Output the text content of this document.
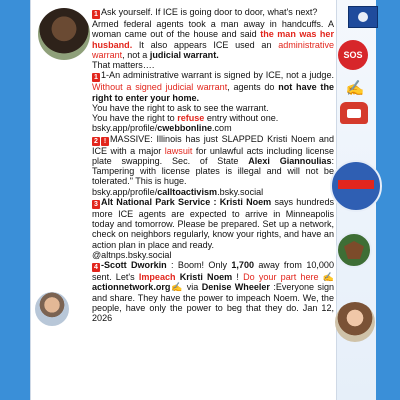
SOS
✍

1 Ask yourself. If ICE is going door to door, what's next?

Armed federal agents took a man away in handcuffs. A woman came out of the house and said the man was her husband. It also appears ICE used an administrative warrant, not a judicial warrant.

That matters….

1 1-An administrative warrant is signed by ICE, not a judge. Without a signed judicial warrant, agents do not have the right to enter your home.

You have the right to ask to see the warrant.

You have the right to refuse entry without one.

bsky.app/profile/cwebbonline.com

2 ! MASSIVE: Illinois has just SLAPPED Kristi Noem and ICE with a major lawsuit for unlawful acts including license plate swapping. Sec. of State Alexi Giannoulias: Tampering with license plates is illegal and will not be tolerated." This is huge.

bsky.app/profile/calltoactivism.bsky.social

3 Alt National Park Service : Kristi Noem says hundreds more ICE agents are expected to arrive in Minneapolis today and tomorrow. Please be prepared. Set up a network, check on neighbors regularly, know your rights, and have an action plan in place and ready.

@altnps.bsky.social

4 -Scott Dworkin : Boom! Only 1,700 away from 10,000 sent. Let's Impeach Kristi Noem ! Do your part here ✍actionnetwork.org✍ via Denise Wheeler :Everyone sign and share. They have the power to impeach Noem. We, the people, have only the power to beg that they do. Jan 12, 2026
